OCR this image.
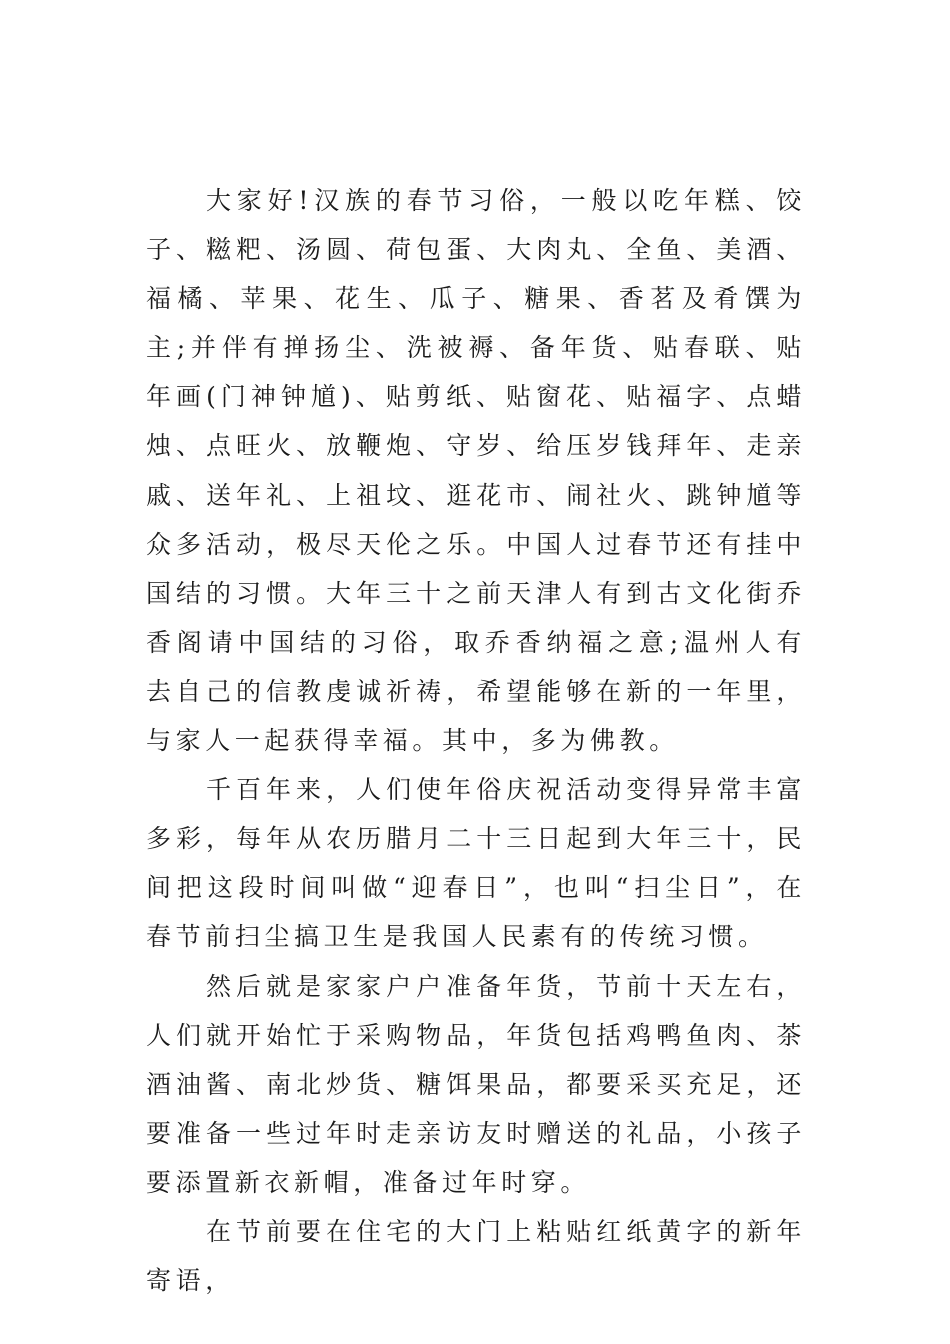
大家好!汉族的春节习俗，一般以吃年糕、饺子、糍粑、汤圆、荷包蛋、大肉丸、全鱼、美酒、福橘、苹果、花生、瓜子、糖果、香茗及肴馔为主;并伴有掸扬尘、洗被褥、备年货、贴春联、贴年画(门神钟馗)、贴剪纸、贴窗花、贴福字、点蜡烛、点旺火、放鞭炮、守岁、给压岁钱拜年、走亲戚、送年礼、上祖坟、逛花市、闹社火、跳钟馗等众多活动，极尽天伦之乐。中国人过春节还有挂中国结的习惯。大年三十之前天津人有到古文化街乔香阁请中国结的习俗，取乔香纳福之意;温州人有去自己的信教虔诚祈祷，希望能够在新的一年里，与家人一起获得幸福。其中，多为佛教。

千百年来，人们使年俗庆祝活动变得异常丰富多彩，每年从农历腊月二十三日起到大年三十，民间把这段时间叫做“迎春日”，也叫“扫尘日”，在春节前扫尘搞卫生是我国人民素有的传统习惯。

然后就是家家户户准备年货，节前十天左右，人们就开始忙于采购物品，年货包括鸡鸭鱼肉、茶酒油酱、南北炒货、糖饵果品，都要采买充足，还要准备一些过年时走亲访友时赠送的礼品，小孩子要添置新衣新帽，准备过年时穿。

在节前要在住宅的大门上粘贴红纸黄字的新年寄语，
